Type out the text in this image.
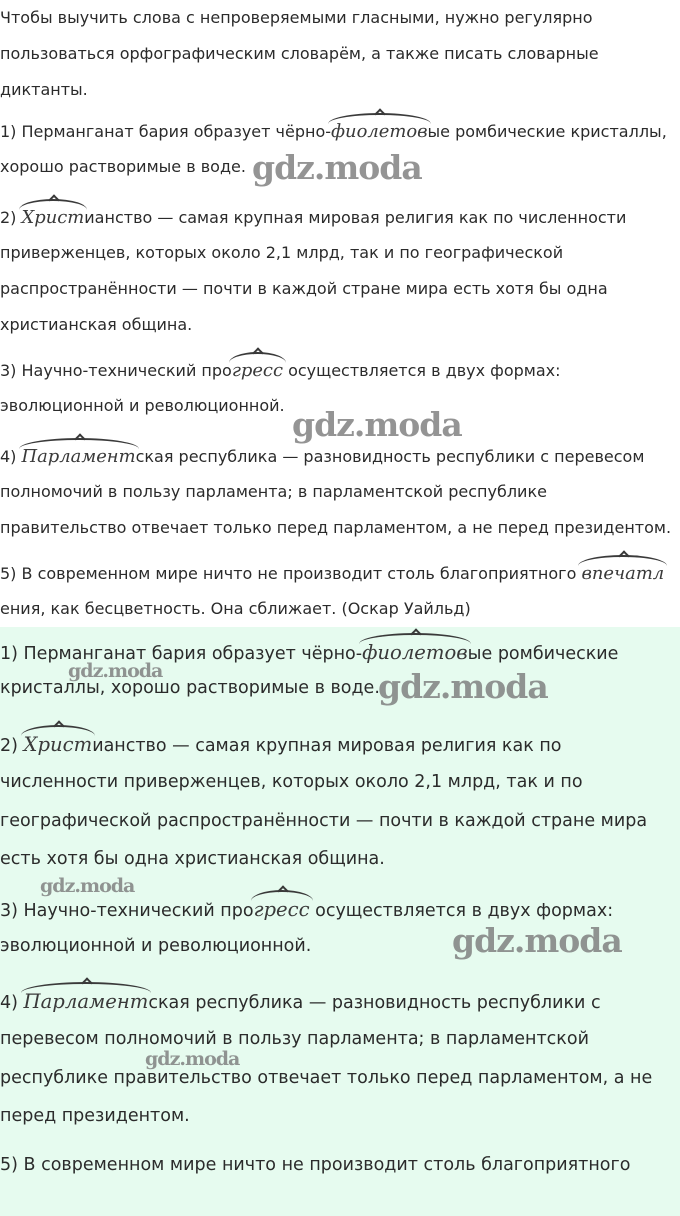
Чтобы выучить слова с непроверяемыми гласными, нужно регулярно

пользоваться орфографическим словарём, а также писать словарные

диктанты.

1) Перманганат бария образует чёрно-
фиолетовые ромбические кристаллы,

хорошо растворимые в воде.

2)
Христианство — самая крупная мировая религия как по численности

приверженцев, которых около 2,1 млрд, так и по географической

распространённости — почти в каждой стране мира есть хотя бы одна

христианская община.

3) Научно-технический про
гресс осуществляется в двух формах:

эволюционной и революционной.

4)
Парламентская республика — разновидность республики с перевесом

полномочий в пользу парламента; в парламентской республике

правительство отвечает только перед парламентом, а не перед президентом.

5) В современном мире ничто не производит столь благоприятного
впечатл

ения, как бесцветность. Она сближает. (Оскар Уайльд)

gdz.moda
gdz.moda

1) Перманганат бария образует чёрно-
фиолетовые ромбические

кристаллы, хорошо растворимые в воде.

2)
Христианство — самая крупная мировая религия как по

численности приверженцев, которых около 2,1 млрд, так и по

географической распространённости — почти в каждой стране мира

есть хотя бы одна христианская община.

3) Научно-технический про
гресс осуществляется в двух формах:

эволюционной и революционной.

4)
Парламентская республика — разновидность республики с

перевесом полномочий в пользу парламента; в парламентской

республике правительство отвечает только перед парламентом, а не

перед президентом.

5) В современном мире ничто не производит столь благоприятного

gdz.moda	gdz.moda
gdz.moda
gdz.moda
gdz.moda
